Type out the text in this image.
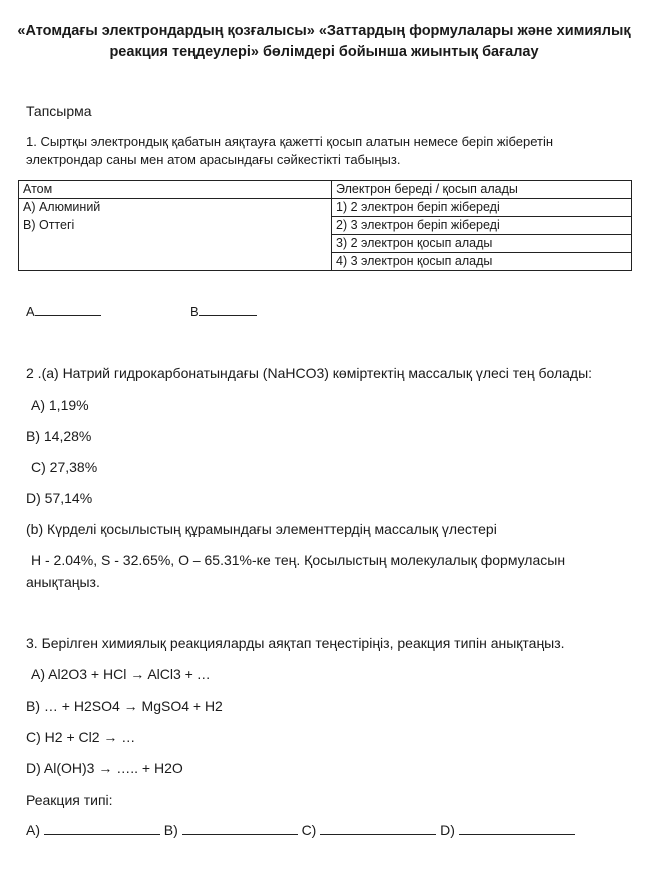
«Атомдағы электрондардың қозғалысы» «Заттардың формулалары және химиялық
реакция теңдеулері» бөлімдері бойынша жиынтық бағалау
Тапсырма
1. Сыртқы электрондық қабатын аяқтауға қажетті қосып алатын немесе беріп жіберетін
электрондар саны мен атом арасындағы сәйкестікті табыңыз.
Атом	Электрон береді / қосып алады
А) Алюминий	1) 2 электрон беріп жібереді
В) Оттегі	2) 3 электрон беріп жібереді
	3) 2 электрон қосып алады
	4) 3 электрон қосып алады
А	В
2 .(a) Натрий гидрокарбонатындағы (NaHCO3) көміртектің массалық үлесі тең болады:
A) 1,19%
B) 14,28%
C) 27,38%
D) 57,14%
(b) Күрделі қосылыстың құрамындағы элементтердің массалық үлестері
H - 2.04%, S - 32.65%, O – 65.31%-ке тең. Қосылыстың молекулалық формуласын
анықтаңыз.
3. Берілген химиялық реакцияларды аяқтап теңестіріңіз, реакция типін анықтаңыз.
A) Al2O3 + HCl → AlCl3 + …
B) … + H2SO4 → MgSO4 + H2
C) H2 + Cl2 → …
D) Al(OH)3 → ….. + H2O
Реакция типі:
A)	B)	C)	D)
